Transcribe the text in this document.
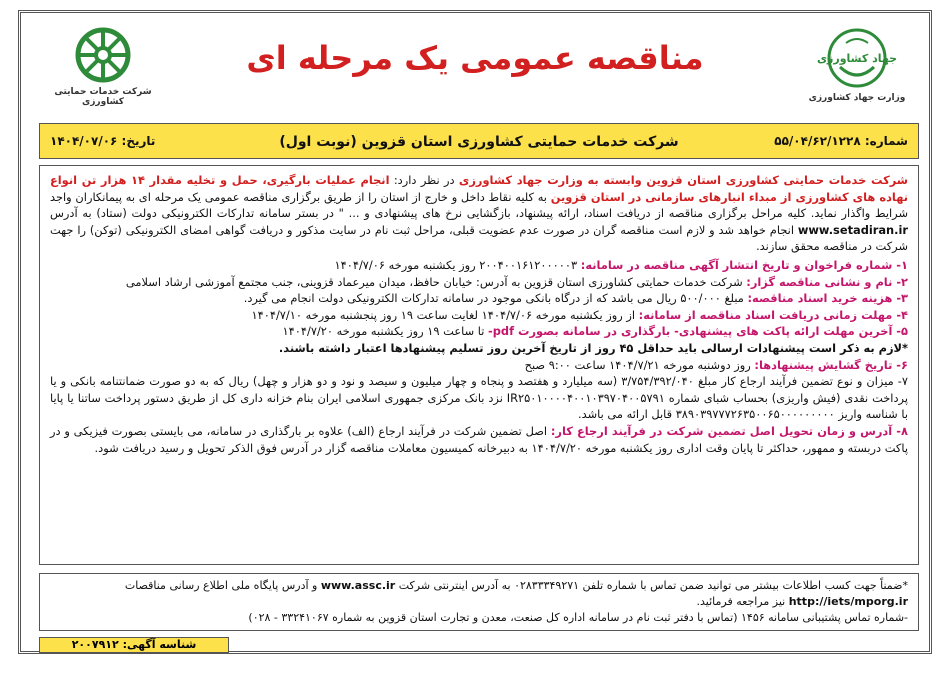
شرکت خدمات حمایتی کشاورزی
مناقصه عمومی یک مرحله ای	جهاد کشاورزی
وزارت جهاد کشاورزی
شماره: ۵۵/۰۴/۶۲/۱۲۲۸
شرکت خدمات حمایتی کشاورزی استان قزوین (نوبت اول)
تاریخ: ۱۴۰۴/۰۷/۰۶

شرکت خدمات حمایتی کشاورزی استان قزوین وابسته به وزارت جهاد کشاورزی در نظر دارد: انجام عملیات بارگیری، حمل و تخلیه مقدار ۱۴ هزار تن انواع نهاده های کشاورزی از مبداء انبارهای سازمانی در استان قزوین به کلیه نقاط داخل و خارج از استان را از طریق برگزاری مناقصه عمومی یک مرحله ای به پیمانکاران واجد شرایط واگذار نماید. کلیه مراحل برگزاری مناقصه از دریافت اسناد، ارائه پیشنهاد، بازگشایی نرخ های پیشنهادی و ... " در بستر سامانه تدارکات الکترونیکی دولت (ستاد) به آدرس www.setadiran.ir انجام خواهد شد و لازم است مناقصه گران در صورت عدم عضویت قبلی، مراحل ثبت نام در سایت مذکور و دریافت گواهی امضای الکترونیکی (توکن) را جهت شرکت در مناقصه محقق سازند.

۱- شماره فراخوان و تاریخ انتشار آگهی مناقصه در سامانه: ۲۰۰۴۰۰۱۶۱۲۰۰۰۰۰۳ روز یکشنبه مورخه ۱۴۰۴/۷/۰۶

۲- نام و نشانی مناقصه گزار: شرکت خدمات حمایتی کشاورزی استان قزوین به آدرس: خیابان حافظ، میدان میرعماد قزوینی، جنب مجتمع آموزشی ارشاد اسلامی

۳- هزینه خرید اسناد مناقصه: مبلغ ۵۰۰/۰۰۰ ریال می باشد که از درگاه بانکی موجود در سامانه تدارکات الکترونیکی دولت انجام می گیرد.

۴- مهلت زمانی دریافت اسناد مناقصه از سامانه: از روز یکشنبه مورخه ۱۴۰۴/۷/۰۶ لغایت ساعت ۱۹ روز پنجشنبه مورخه ۱۴۰۴/۷/۱۰

۵- آخرین مهلت ارائه پاکت های پیشنهادی- بارگذاری در سامانه بصورت pdf- تا ساعت ۱۹ روز یکشنبه مورخه ۱۴۰۴/۷/۲۰

*لازم به ذکر است پیشنهادات ارسالی باید حداقل ۴۵ روز از تاریخ آخرین روز تسلیم پیشنهادها اعتبار داشته باشند.

۶- تاریخ گشایش پیشنهادها: روز دوشنبه مورخه ۱۴۰۴/۷/۲۱ ساعت ۹:۰۰ صبح

۷- میزان و نوع تضمین فرآیند ارجاع کار مبلغ ۳/۷۵۴/۳۹۲/۰۴۰ (سه میلیارد و هفتصد و پنجاه و چهار میلیون و سیصد و نود و دو هزار و چهل) ریال که به دو صورت ضمانتنامه بانکی و یا پرداخت نقدی (فیش واریزی) بحساب شبای شماره IR۲۵۰۱۰۰۰۰۴۰۰۱۰۳۹۷۰۴۰۰۵۷۹۱ نزد بانک مرکزی جمهوری اسلامی ایران بنام خزانه داری کل از طریق دستور پرداخت ساتنا یا پایا با شناسه واریز ۳۸۹۰۳۹۷۷۷۲۶۳۵۰۰۶۵۰۰۰۰۰۰۰۰۰ قابل ارائه می باشد.

۸- آدرس و زمان تحویل اصل تضمین شرکت در فرآیند ارجاع کار: اصل تضمین شرکت در فرآیند ارجاع (الف) علاوه بر بارگذاری در سامانه، می بایستی بصورت فیزیکی و در پاکت دربسته و ممهور، حداکثر تا پایان وقت اداری روز یکشنبه مورخه ۱۴۰۴/۷/۲۰ به دبیرخانه کمیسیون معاملات مناقصه گزار در آدرس فوق الذکر تحویل و رسید دریافت شود.

*ضمناً جهت کسب اطلاعات بیشتر می توانید ضمن تماس با شماره تلفن ۰۲۸۳۳۳۴۹۲۷۱ به آدرس اینترنتی شرکت www.assc.ir و آدرس پایگاه ملی اطلاع رسانی مناقصات http://iets/mporg.ir نیز مراجعه فرمائید.

-شماره تماس پشتیبانی سامانه ۱۴۵۶ (تماس با دفتر ثبت نام در سامانه اداره کل صنعت، معدن و تجارت استان قزوین به شماره ۳۳۲۴۱۰۶۷ - ۰۲۸)

شناسه آگهی: ۲۰۰۷۹۱۲
